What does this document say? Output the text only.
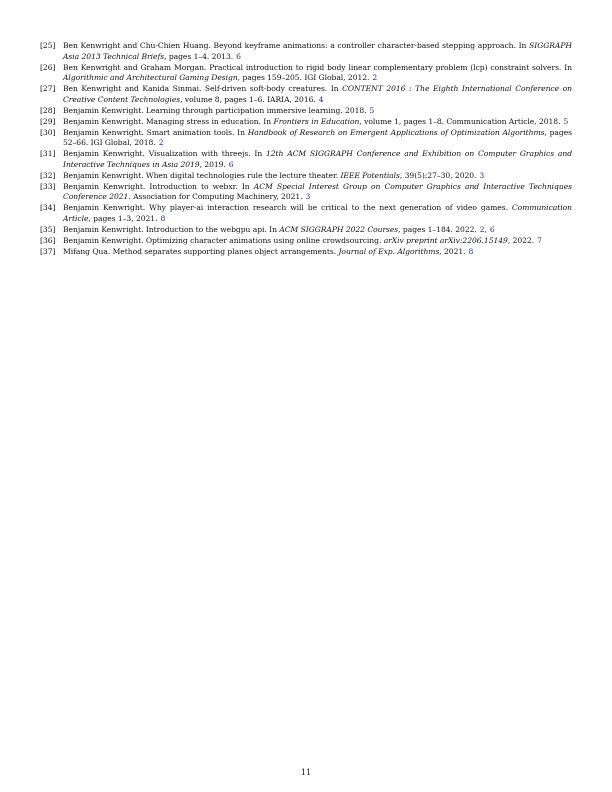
[25]	Ben Kenwright and Chu-Chien Huang. Beyond keyframe animations: a controller character-based stepping approach. In SIGGRAPH Asia 2013 Technical Briefs, pages 1–4. 2013. 6
[26]	Ben Kenwright and Graham Morgan. Practical introduction to rigid body linear complementary problem (lcp) constraint solvers. In Algorithmic and Architectural Gaming Design, pages 159–205. IGI Global, 2012. 2
[27]	Ben Kenwright and Kanida Sinmai. Self-driven soft-body creatures. In CONTENT 2016 : The Eighth International Conference on Creative Content Technologies, volume 8, pages 1–6. IARIA, 2016. 4
[28]	Benjamin Kenwright. Learning through participation immersive learning. 2018. 5
[29]	Benjamin Kenwright. Managing stress in education. In Frontiers in Education, volume 1, pages 1–8. Communication Article, 2018. 5
[30]	Benjamin Kenwright. Smart animation tools. In Handbook of Research on Emergent Applications of Optimization Algorithms, pages 52–66. IGI Global, 2018. 2
[31]	Benjamin Kenwright. Visualization with threejs. In 12th ACM SIGGRAPH Conference and Exhibition on Computer Graphics and Interactive Techniques in Asia 2019, 2019. 6
[32]	Benjamin Kenwright. When digital technologies rule the lecture theater. IEEE Potentials, 39(5):27–30, 2020. 3
[33]	Benjamin Kenwright. Introduction to webxr. In ACM Special Interest Group on Computer Graphics and Interactive Techniques Conference 2021. Association for Computing Machinery, 2021. 3
[34]	Benjamin Kenwright. Why player-ai interaction research will be critical to the next generation of video games. Communication Article, pages 1–3, 2021. 8
[35]	Benjamin Kenwright. Introduction to the webgpu api. In ACM SIGGRAPH 2022 Courses, pages 1–184. 2022. 2, 6
[36]	Benjamin Kenwright. Optimizing character animations using online crowdsourcing. arXiv preprint arXiv:2206.15149, 2022. 7
[37]	Mifang Qua. Method separates supporting planes object arrangements. Journal of Exp. Algorithms, 2021. 8
11
